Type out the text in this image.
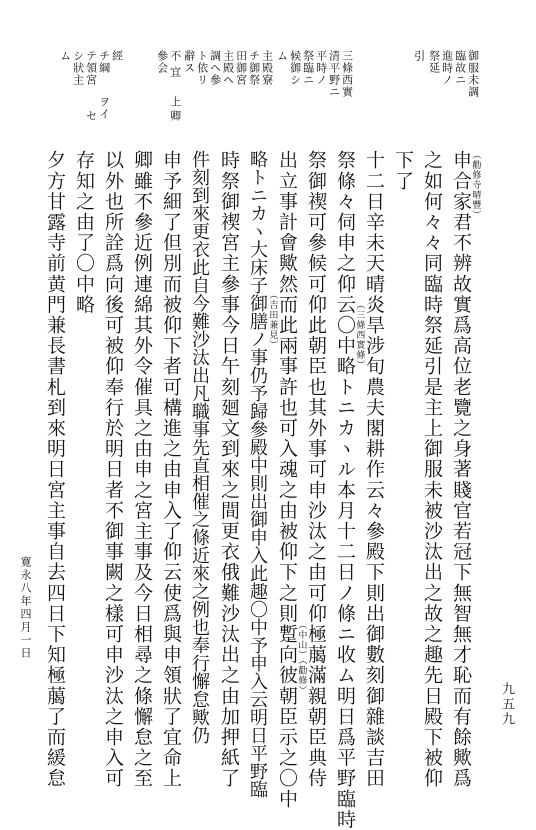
御服未調
臨故ニ
進時ノ
祭延
引
三條西實
清平野ニ
平時ノ
祭臨ニ
候御シ
ム
主殿寮
チ御祭
田御宮
主殿ヘ
調ヘ參
ト依リ
辭ス
不
宜
參会
上
卿
經
チ綱
テ領宮
シ狀主
ム
ヲイ
セ
申合家君不辨故實爲高位老覽之身著賤官若冠下無智無才恥而有餘歟爲
之如何々々同臨時祭延引是主上御服未被沙汰出之故之趣先日殿下被仰
下了
十二日辛未天晴炎旱涉旬農夫閣耕作云々參殿下則出御數刻御雜談吉田
祭條々伺申之仰云〇中略トニカヽル本月十二日ノ條ニ收ム明日爲平野臨時
祭御禊可參候可仰此朝臣也其外事可申沙汰之由可仰極﨟滿親朝臣典侍
出立事計會歟然而此兩事許也可入魂之由被仰下之則蹔向彼朝臣示之〇中
略トニカヽ大床子御膳ノ事仍予歸參殿中則出御申入此趣〇中予申入云明日平野臨
時祭御禊宮主參事今日午刻廻文到來之間更衣俄難沙汰出之由加押紙了
件刻到來更衣此自今難沙汰出凡職事先直相催之條近來之例也奉行懈怠歟仍
申予細了但別而被仰下者可構進之由申入了仰云使爲與申領狀了宜命上
卿雖不參近例連綿其外令催具之由申之宮主事及今日相尋之條懈怠之至
以外也所詮爲向後可被仰奉行於明日者不御事闕之樣可申沙汰之申入可
存知之由了〇中略
夕方甘露寺前黄門兼長書札到來明日宮主事自去四日下知極﨟了而緩怠	（勸修寺晴豐）
（三條西實條）
（中山）（勸修）
（吉田兼見）
寛永八年四月一日
九五九
